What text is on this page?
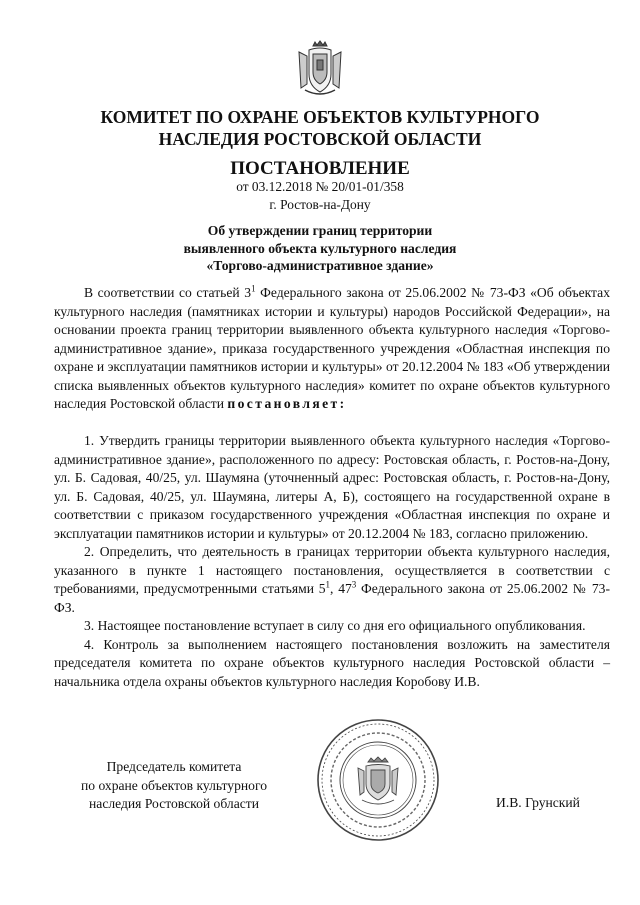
КОМИТЕТ ПО ОХРАНЕ ОБЪЕКТОВ КУЛЬТУРНОГО
НАСЛЕДИЯ РОСТОВСКОЙ ОБЛАСТИ
ПОСТАНОВЛЕНИЕ
от 03.12.2018 № 20/01-01/358
г. Ростов-на-Дону
Об утверждении границ территории
выявленного объекта культурного наследия
«Торгово-административное здание»

В соответствии со статьей $3^1$ Федерального закона от 25.06.2002 № 73-ФЗ «Об объектах культурного наследия (памятниках истории и культуры) народов Российской Федерации», на основании проекта границ территории выявленного объекта культурного наследия «Торгово-административное здание», приказа государственного учреждения «Областная инспекция по охране и эксплуатации памятников истории и культуры» от 20.12.2004 № 183 «Об утверждении списка выявленных объектов культурного наследия» комитет по охране объектов культурного наследия Ростовской области постановляет:

1. Утвердить границы территории выявленного объекта культурного наследия «Торгово-административное здание», расположенного по адресу: Ростовская область, г. Ростов-на-Дону, ул. Б. Садовая, 40/25, ул. Шаумяна (уточненный адрес: Ростовская область, г. Ростов-на-Дону, ул. Б. Садовая, 40/25, ул. Шаумяна, литеры А, Б), состоящего на государственной охране в соответствии с приказом государственного учреждения «Областная инспекция по охране и эксплуатации памятников истории и культуры» от 20.12.2004 № 183, согласно приложению.

2. Определить, что деятельность в границах территории объекта культурного наследия, указанного в пункте 1 настоящего постановления, осуществляется в соответствии с требованиями, предусмотренными статьями $5^1$, $47^3$ Федерального закона от 25.06.2002 № 73-ФЗ.

3. Настоящее постановление вступает в силу со дня его официального опубликования.

4. Контроль за выполнением настоящего постановления возложить на заместителя председателя комитета по охране объектов культурного наследия Ростовской области – начальника отдела охраны объектов культурного наследия Коробову И.В.

Председатель комитета
по охране объектов культурного
наследия Ростовской области	И.В. Грунский
